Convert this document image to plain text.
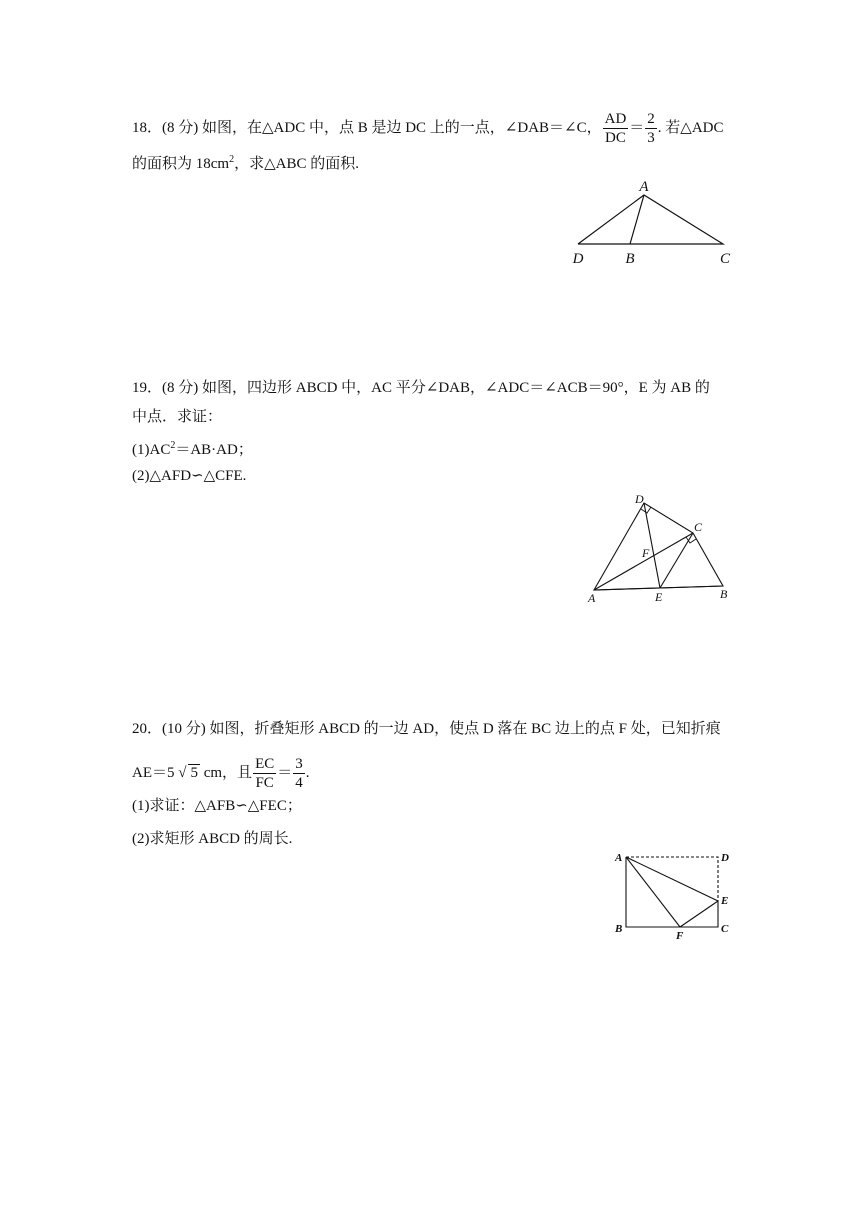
18．(8 分) 如图，在△ADC 中，点 B 是边 DC 上的一点，∠DAB＝∠C， $\frac{AD}{DC} = \frac{2}{3}$ . 若△ADC
的面积为 $18cm^2$，求△ABC 的面积.
A
D	B	C
19．(8 分) 如图，四边形 ABCD 中，AC 平分∠DAB，∠ADC＝∠ACB＝90°，E 为 AB 的
中点．求证：
$(1)AC^2=AB\cdot AD$；
(2)△AFD∽△CFE.
D
C
F
A	E	B
20．(10 分) 如图，折叠矩形 ABCD 的一边 AD，使点 D 落在 BC 边上的点 F 处，已知折痕
AE＝5 √ 5 cm，且 $\frac{EC}{FC} = \frac{3}{4}$ .
(1)求证：△AFB∽△FEC；
(2)求矩形 ABCD 的周长.
A	D
E
B
F
C
